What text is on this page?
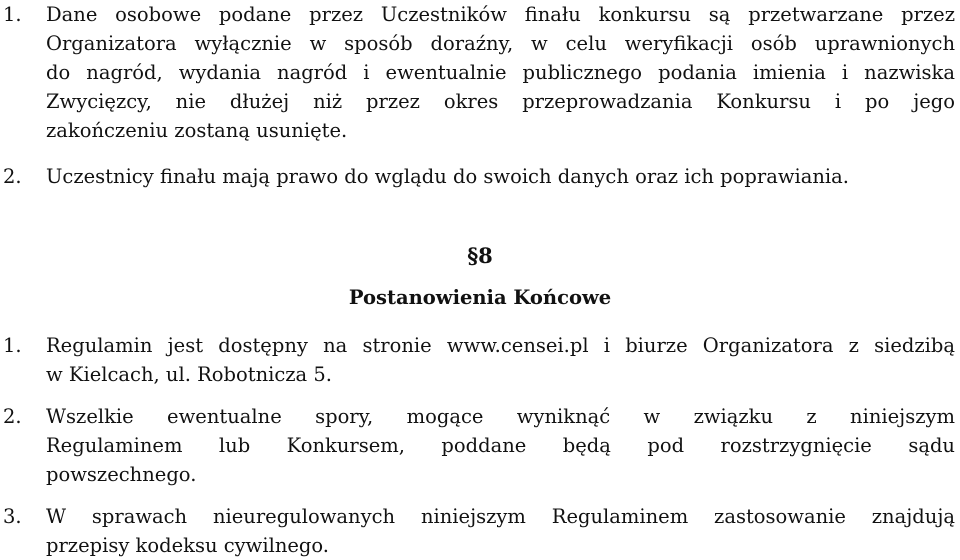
1. Dane osobowe podane przez Uczestników finału konkursu są przetwarzane przez
Organizatora wyłącznie w sposób doraźny, w celu weryfikacji osób uprawnionych
do nagród, wydania nagród i ewentualnie publicznego podania imienia i nazwiska
Zwycięzcy, nie dłużej niż przez okres przeprowadzania Konkursu i po jego
zakończeniu zostaną usunięte.
2. Uczestnicy finału mają prawo do wglądu do swoich danych oraz ich poprawiania.
§8
Postanowienia Końcowe
1. Regulamin jest dostępny na stronie www.censei.pl i biurze Organizatora z siedzibą
w Kielcach, ul. Robotnicza 5.
2. Wszelkie ewentualne spory, mogące wyniknąć w związku z niniejszym
Regulaminem lub Konkursem, poddane będą pod rozstrzygnięcie sądu
powszechnego.
3. W sprawach nieuregulowanych niniejszym Regulaminem zastosowanie znajdują
przepisy kodeksu cywilnego.
